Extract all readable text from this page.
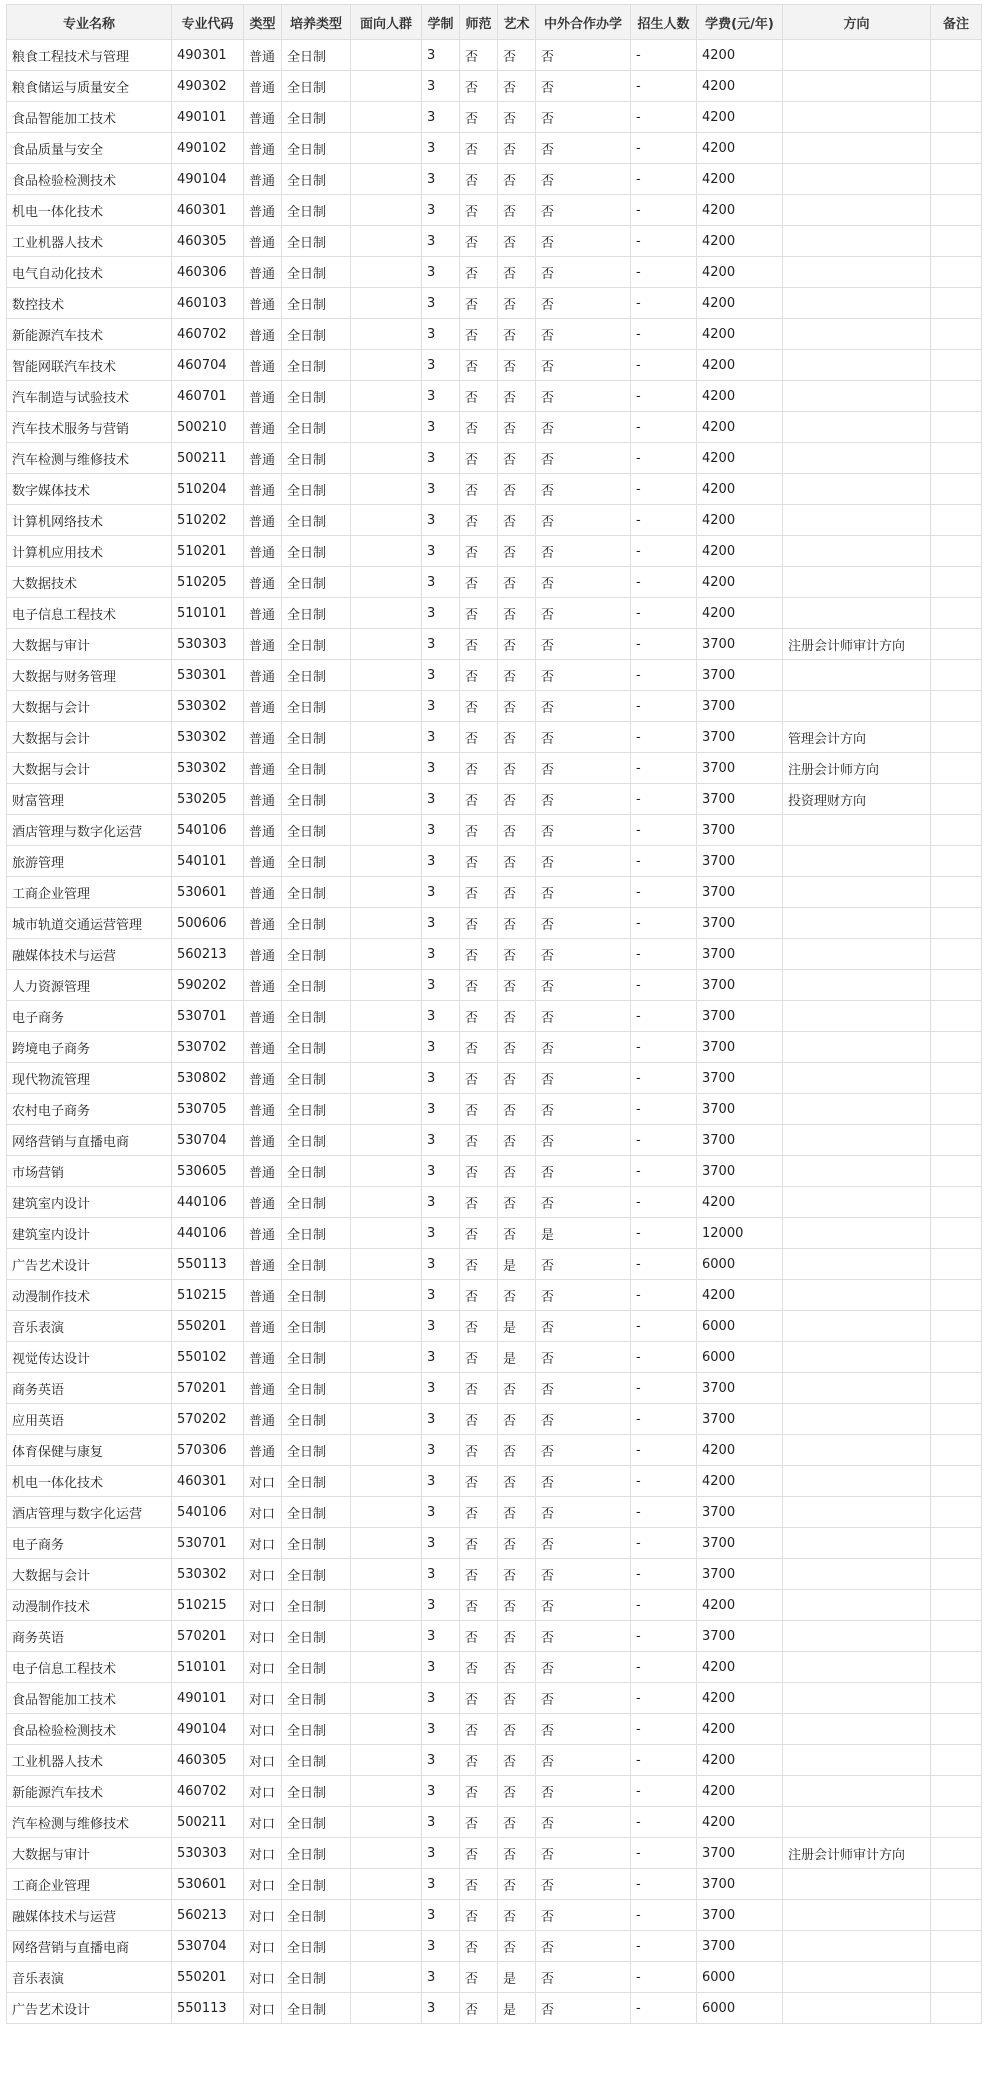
专业名称	专业代码	类型	培养类型	面向人群	学制	师范	艺术	中外合作办学	招生人数	学费(元/年)	方向	备注
粮食工程技术与管理	490301	普通	全日制		3	否	否	否	-	4200		
粮食储运与质量安全	490302	普通	全日制		3	否	否	否	-	4200		
食品智能加工技术	490101	普通	全日制		3	否	否	否	-	4200		
食品质量与安全	490102	普通	全日制		3	否	否	否	-	4200		
食品检验检测技术	490104	普通	全日制		3	否	否	否	-	4200		
机电一体化技术	460301	普通	全日制		3	否	否	否	-	4200		
工业机器人技术	460305	普通	全日制		3	否	否	否	-	4200		
电气自动化技术	460306	普通	全日制		3	否	否	否	-	4200		
数控技术	460103	普通	全日制		3	否	否	否	-	4200		
新能源汽车技术	460702	普通	全日制		3	否	否	否	-	4200		
智能网联汽车技术	460704	普通	全日制		3	否	否	否	-	4200		
汽车制造与试验技术	460701	普通	全日制		3	否	否	否	-	4200		
汽车技术服务与营销	500210	普通	全日制		3	否	否	否	-	4200		
汽车检测与维修技术	500211	普通	全日制		3	否	否	否	-	4200		
数字媒体技术	510204	普通	全日制		3	否	否	否	-	4200		
计算机网络技术	510202	普通	全日制		3	否	否	否	-	4200		
计算机应用技术	510201	普通	全日制		3	否	否	否	-	4200		
大数据技术	510205	普通	全日制		3	否	否	否	-	4200		
电子信息工程技术	510101	普通	全日制		3	否	否	否	-	4200		
大数据与审计	530303	普通	全日制		3	否	否	否	-	3700	注册会计师审计方向	
大数据与财务管理	530301	普通	全日制		3	否	否	否	-	3700		
大数据与会计	530302	普通	全日制		3	否	否	否	-	3700		
大数据与会计	530302	普通	全日制		3	否	否	否	-	3700	管理会计方向	
大数据与会计	530302	普通	全日制		3	否	否	否	-	3700	注册会计师方向	
财富管理	530205	普通	全日制		3	否	否	否	-	3700	投资理财方向	
酒店管理与数字化运营	540106	普通	全日制		3	否	否	否	-	3700		
旅游管理	540101	普通	全日制		3	否	否	否	-	3700		
工商企业管理	530601	普通	全日制		3	否	否	否	-	3700		
城市轨道交通运营管理	500606	普通	全日制		3	否	否	否	-	3700		
融媒体技术与运营	560213	普通	全日制		3	否	否	否	-	3700		
人力资源管理	590202	普通	全日制		3	否	否	否	-	3700		
电子商务	530701	普通	全日制		3	否	否	否	-	3700		
跨境电子商务	530702	普通	全日制		3	否	否	否	-	3700		
现代物流管理	530802	普通	全日制		3	否	否	否	-	3700		
农村电子商务	530705	普通	全日制		3	否	否	否	-	3700		
网络营销与直播电商	530704	普通	全日制		3	否	否	否	-	3700		
市场营销	530605	普通	全日制		3	否	否	否	-	3700		
建筑室内设计	440106	普通	全日制		3	否	否	否	-	4200		
建筑室内设计	440106	普通	全日制		3	否	否	是	-	12000		
广告艺术设计	550113	普通	全日制		3	否	是	否	-	6000		
动漫制作技术	510215	普通	全日制		3	否	否	否	-	4200		
音乐表演	550201	普通	全日制		3	否	是	否	-	6000		
视觉传达设计	550102	普通	全日制		3	否	是	否	-	6000		
商务英语	570201	普通	全日制		3	否	否	否	-	3700		
应用英语	570202	普通	全日制		3	否	否	否	-	3700		
体育保健与康复	570306	普通	全日制		3	否	否	否	-	4200		
机电一体化技术	460301	对口	全日制		3	否	否	否	-	4200		
酒店管理与数字化运营	540106	对口	全日制		3	否	否	否	-	3700		
电子商务	530701	对口	全日制		3	否	否	否	-	3700		
大数据与会计	530302	对口	全日制		3	否	否	否	-	3700		
动漫制作技术	510215	对口	全日制		3	否	否	否	-	4200		
商务英语	570201	对口	全日制		3	否	否	否	-	3700		
电子信息工程技术	510101	对口	全日制		3	否	否	否	-	4200		
食品智能加工技术	490101	对口	全日制		3	否	否	否	-	4200		
食品检验检测技术	490104	对口	全日制		3	否	否	否	-	4200		
工业机器人技术	460305	对口	全日制		3	否	否	否	-	4200		
新能源汽车技术	460702	对口	全日制		3	否	否	否	-	4200		
汽车检测与维修技术	500211	对口	全日制		3	否	否	否	-	4200		
大数据与审计	530303	对口	全日制		3	否	否	否	-	3700	注册会计师审计方向	
工商企业管理	530601	对口	全日制		3	否	否	否	-	3700		
融媒体技术与运营	560213	对口	全日制		3	否	否	否	-	3700		
网络营销与直播电商	530704	对口	全日制		3	否	否	否	-	3700		
音乐表演	550201	对口	全日制		3	否	是	否	-	6000		
广告艺术设计	550113	对口	全日制		3	否	是	否	-	6000		
